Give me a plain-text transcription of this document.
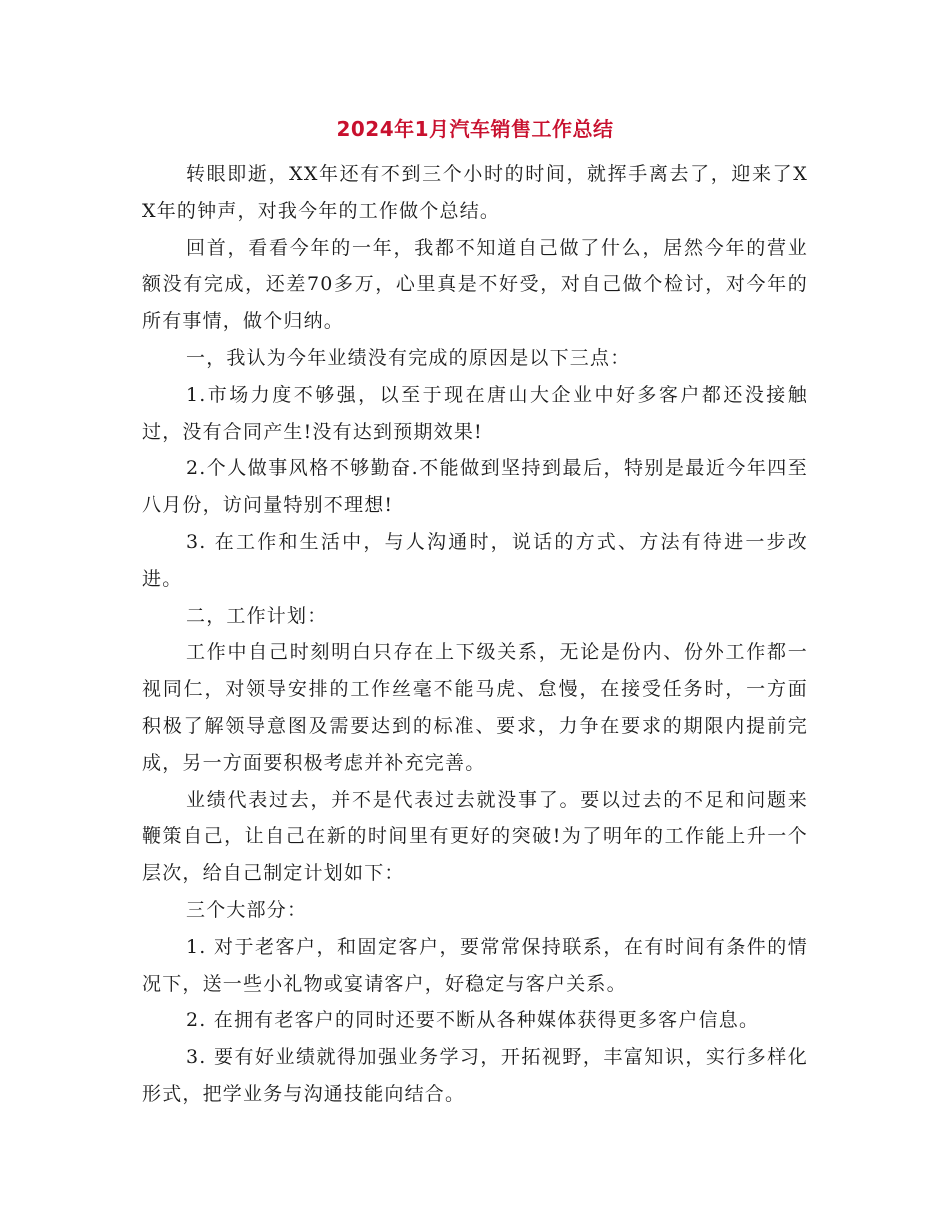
2024年1月汽车销售工作总结

转眼即逝，XX年还有不到三个小时的时间，就挥手离去了，迎来了XX年的钟声，对我今年的工作做个总结。

回首，看看今年的一年，我都不知道自己做了什么，居然今年的营业额没有完成，还差70多万，心里真是不好受，对自己做个检讨，对今年的所有事情，做个归纳。

一，我认为今年业绩没有完成的原因是以下三点：

1.市场力度不够强，以至于现在唐山大企业中好多客户都还没接触过，没有合同产生!没有达到预期效果!

2.个人做事风格不够勤奋.不能做到坚持到最后，特别是最近今年四至八月份，访问量特别不理想!

3. 在工作和生活中，与人沟通时，说话的方式、方法有待进一步改进。

二，工作计划：

工作中自己时刻明白只存在上下级关系，无论是份内、份外工作都一视同仁，对领导安排的工作丝毫不能马虎、怠慢，在接受任务时，一方面积极了解领导意图及需要达到的标准、要求，力争在要求的期限内提前完成，另一方面要积极考虑并补充完善。

业绩代表过去，并不是代表过去就没事了。要以过去的不足和问题来鞭策自己，让自己在新的时间里有更好的突破!为了明年的工作能上升一个层次，给自己制定计划如下：

三个大部分：

1. 对于老客户，和固定客户，要常常保持联系，在有时间有条件的情况下，送一些小礼物或宴请客户，好稳定与客户关系。

2. 在拥有老客户的同时还要不断从各种媒体获得更多客户信息。

3. 要有好业绩就得加强业务学习，开拓视野，丰富知识，实行多样化形式，把学业务与沟通技能向结合。
